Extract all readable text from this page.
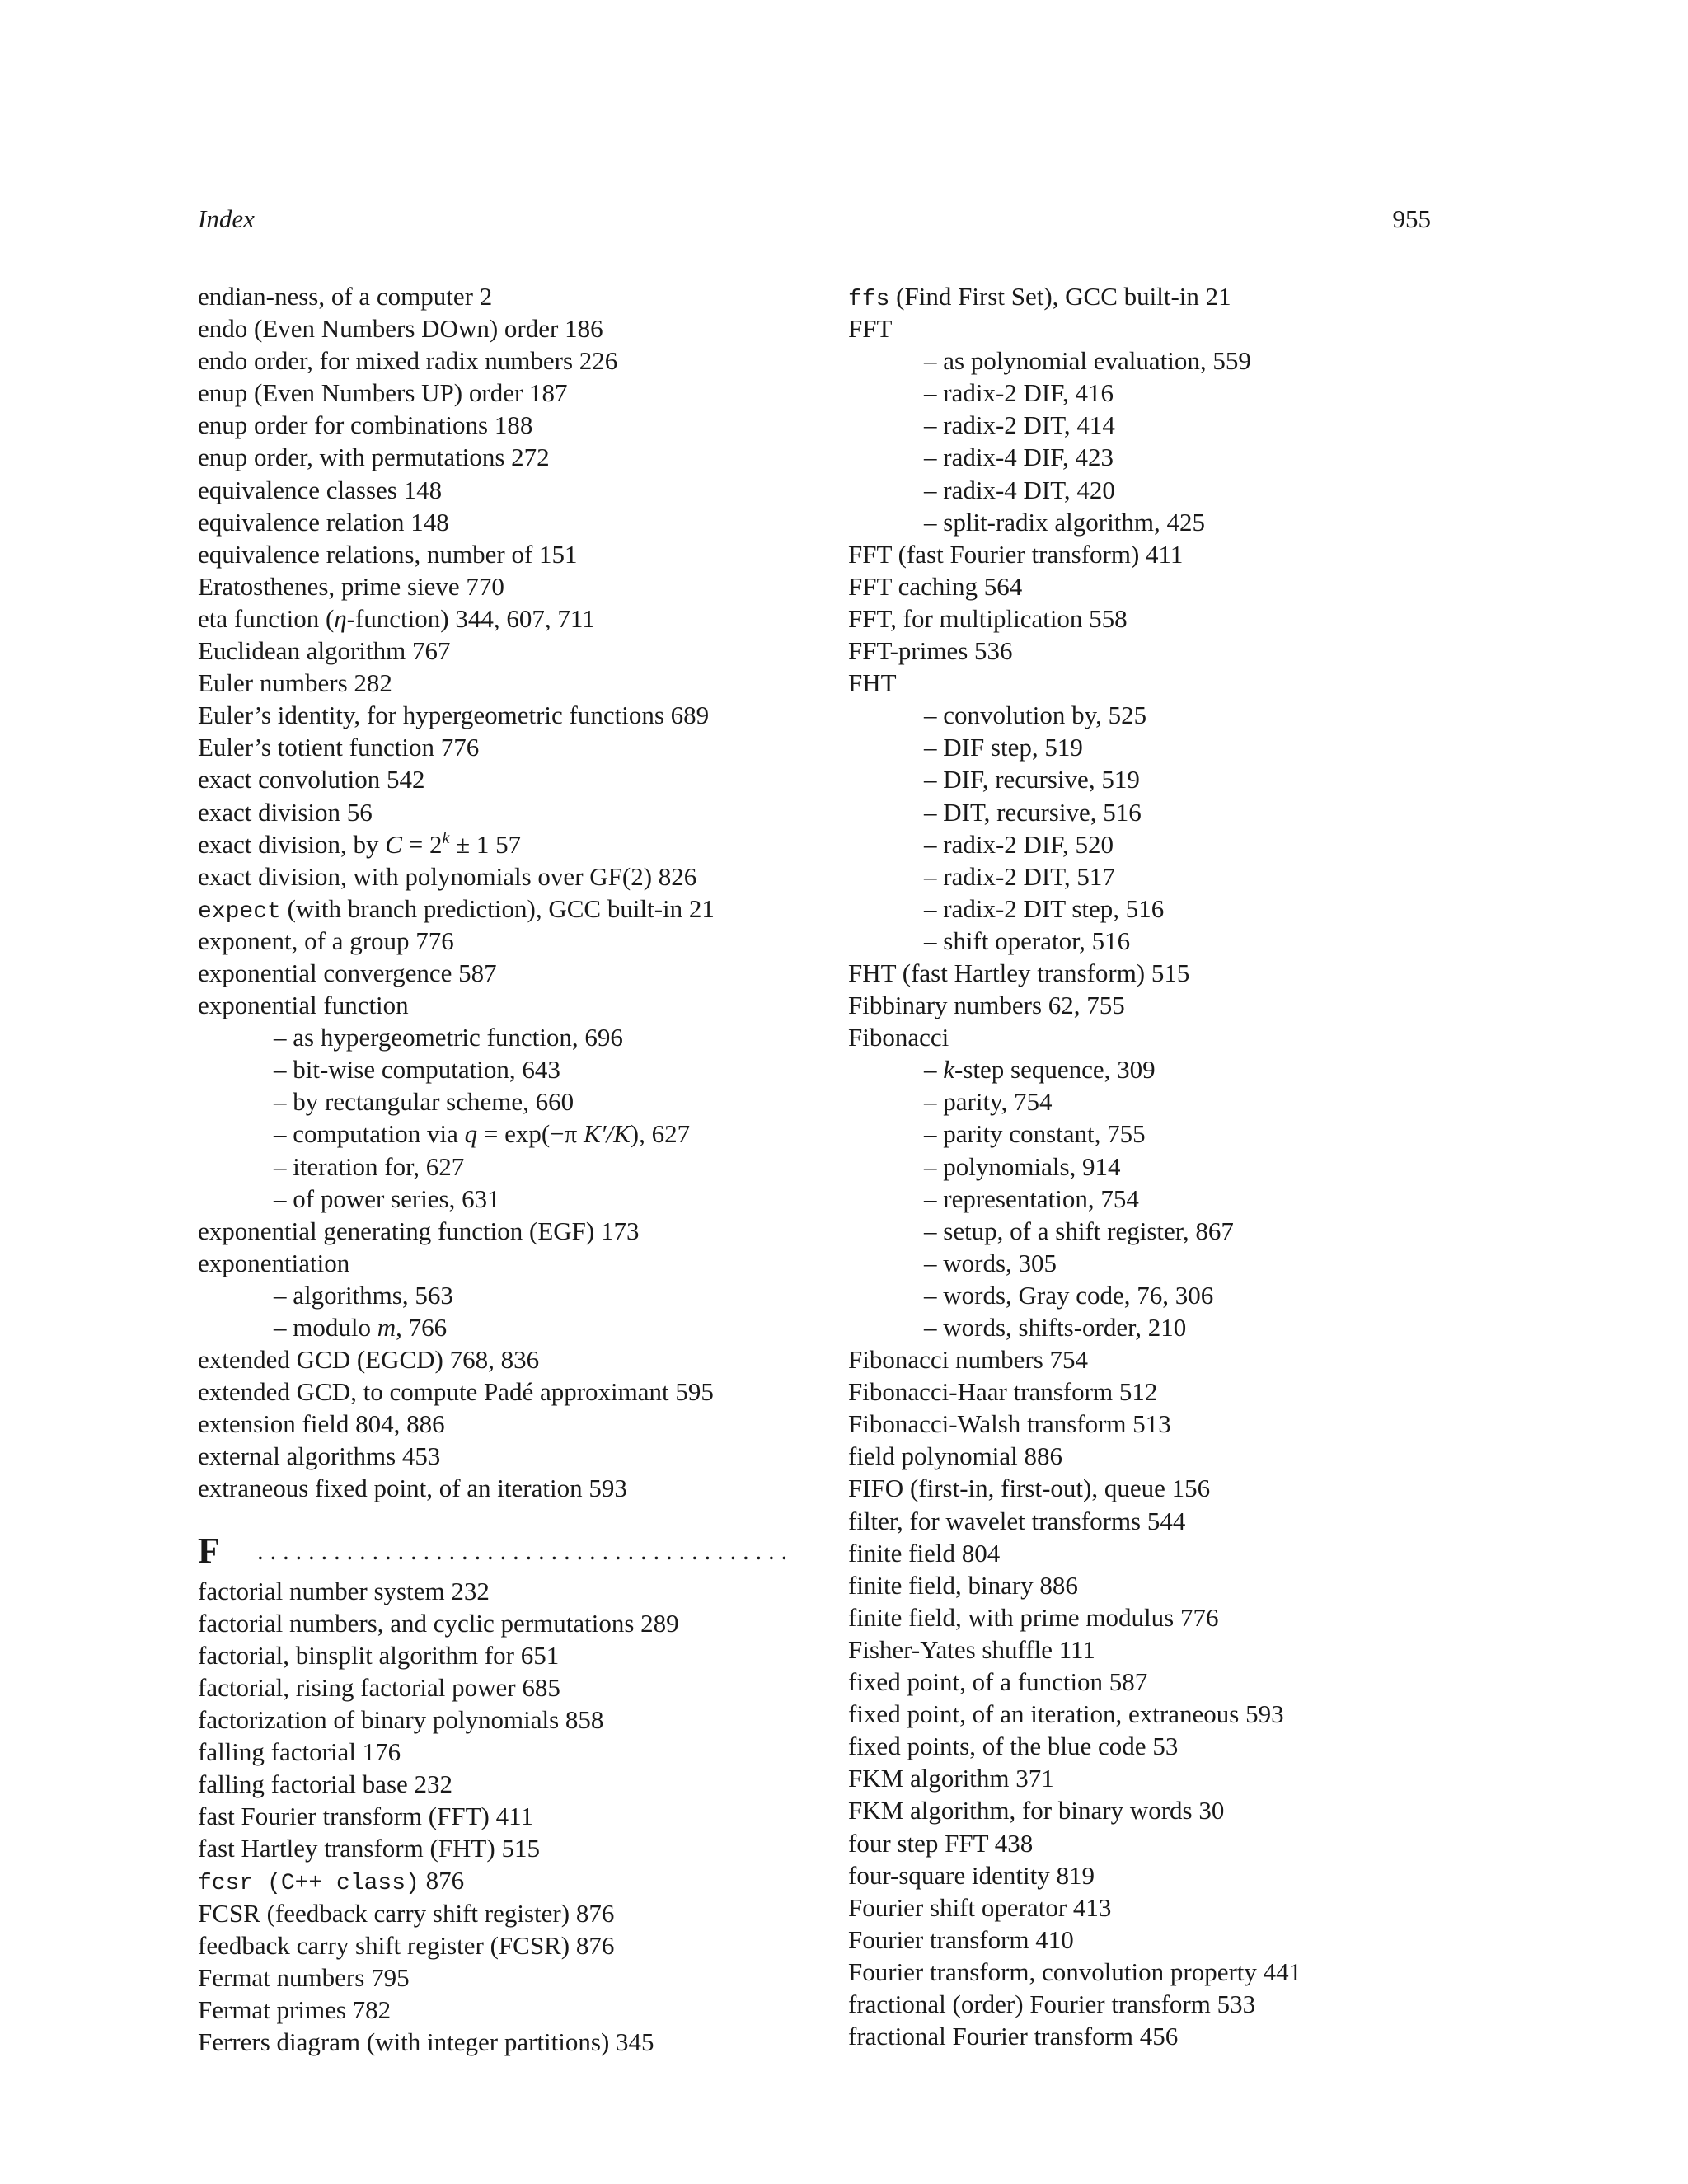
Index	955
endian-ness, of a computer 2
endo (Even Numbers DOwn) order 186
endo order, for mixed radix numbers 226
enup (Even Numbers UP) order 187
enup order for combinations 188
enup order, with permutations 272
equivalence classes 148
equivalence relation 148
equivalence relations, number of 151
Eratosthenes, prime sieve 770
eta function (η-function) 344, 607, 711
Euclidean algorithm 767
Euler numbers 282
Euler’s identity, for hypergeometric functions 689
Euler’s totient function 776
exact convolution 542
exact division 56
exact division, by $C = 2^k \pm 1$ 57
exact division, with polynomials over GF(2) 826
expect (with branch prediction), GCC built-in 21
exponent, of a group 776
exponential convergence 587
exponential function
– as hypergeometric function, 696
– bit-wise computation, 643
– by rectangular scheme, 660
– computation via q = exp(−π K′/K), 627
– iteration for, 627
– of power series, 631
exponential generating function (EGF) 173
exponentiation
– algorithms, 563
– modulo m, 766
extended GCD (EGCD) 768, 836
extended GCD, to compute Padé approximant 595
extension field 804, 886
external algorithms 453
extraneous fixed point, of an iteration 593
F
. . .
factorial number system 232
factorial numbers, and cyclic permutations 289
factorial, binsplit algorithm for 651
factorial, rising factorial power 685
factorization of binary polynomials 858
falling factorial 176
falling factorial base 232
fast Fourier transform (FFT) 411
fast Hartley transform (FHT) 515
fcsr (C++ class) 876
FCSR (feedback carry shift register) 876
feedback carry shift register (FCSR) 876
Fermat numbers 795
Fermat primes 782
Ferrers diagram (with integer partitions) 345
ffs (Find First Set), GCC built-in 21
FFT
– as polynomial evaluation, 559
– radix-2 DIF, 416
– radix-2 DIT, 414
– radix-4 DIF, 423
– radix-4 DIT, 420
– split-radix algorithm, 425
FFT (fast Fourier transform) 411
FFT caching 564
FFT, for multiplication 558
FFT-primes 536
FHT
– convolution by, 525
– DIF step, 519
– DIF, recursive, 519
– DIT, recursive, 516
– radix-2 DIF, 520
– radix-2 DIT, 517
– radix-2 DIT step, 516
– shift operator, 516
FHT (fast Hartley transform) 515
Fibbinary numbers 62, 755
Fibonacci
– k-step sequence, 309
– parity, 754
– parity constant, 755
– polynomials, 914
– representation, 754
– setup, of a shift register, 867
– words, 305
– words, Gray code, 76, 306
– words, shifts-order, 210
Fibonacci numbers 754
Fibonacci-Haar transform 512
Fibonacci-Walsh transform 513
field polynomial 886
FIFO (first-in, first-out), queue 156
filter, for wavelet transforms 544
finite field 804
finite field, binary 886
finite field, with prime modulus 776
Fisher-Yates shuffle 111
fixed point, of a function 587
fixed point, of an iteration, extraneous 593
fixed points, of the blue code 53
FKM algorithm 371
FKM algorithm, for binary words 30
four step FFT 438
four-square identity 819
Fourier shift operator 413
Fourier transform 410
Fourier transform, convolution property 441
fractional (order) Fourier transform 533
fractional Fourier transform 456
